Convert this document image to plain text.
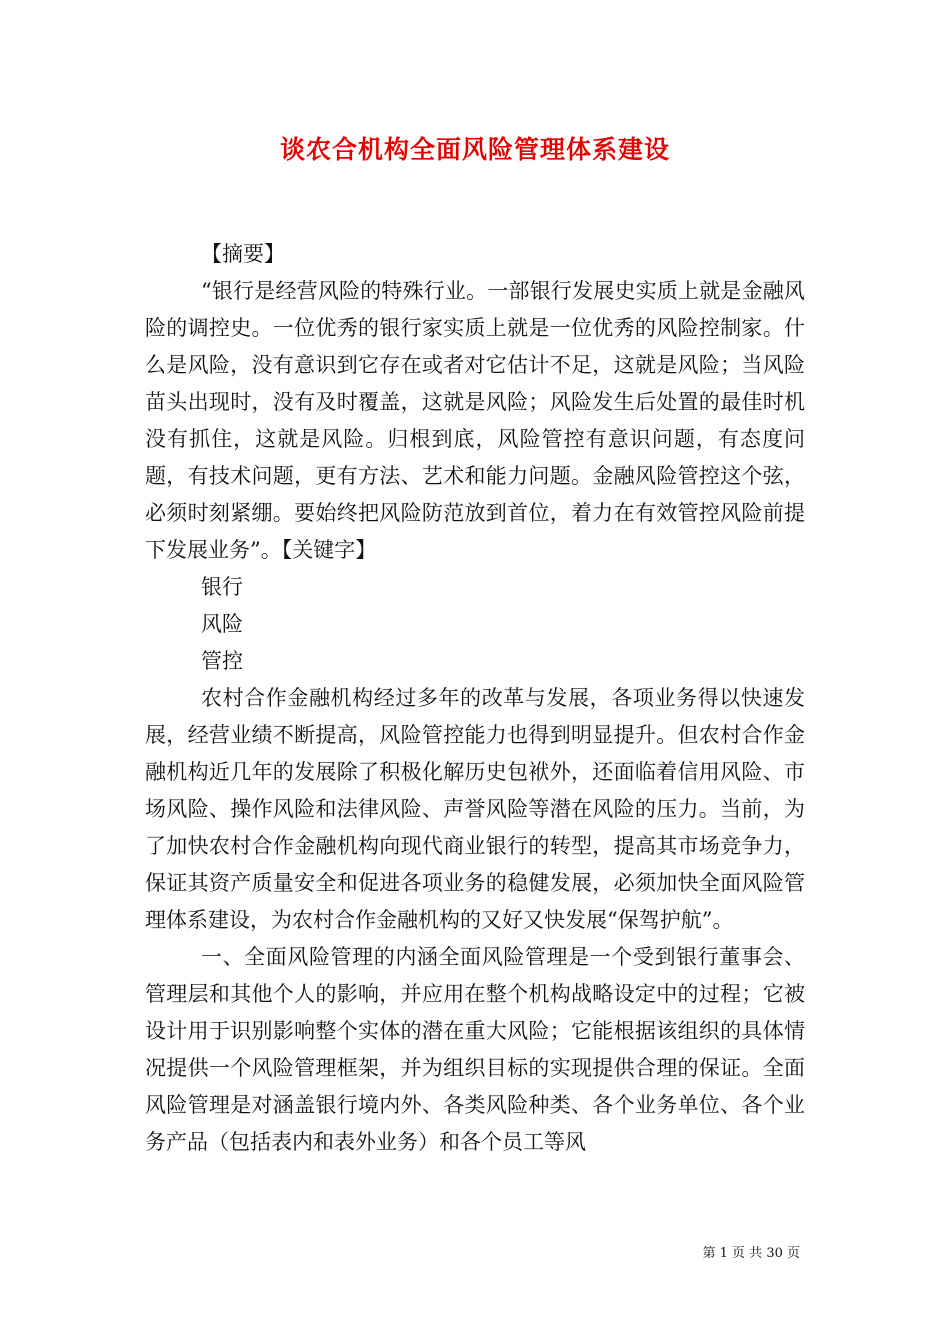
谈农合机构全面风险管理体系建设

【摘要】

“银行是经营风险的特殊行业。一部银行发展史实质上就是金融风险的调控史。一位优秀的银行家实质上就是一位优秀的风险控制家。什么是风险，没有意识到它存在或者对它估计不足，这就是风险；当风险苗头出现时，没有及时覆盖，这就是风险；风险发生后处置的最佳时机没有抓住，这就是风险。归根到底，风险管控有意识问题，有态度问题，有技术问题，更有方法、艺术和能力问题。金融风险管控这个弦，必须时刻紧绷。要始终把风险防范放到首位，着力在有效管控风险前提下发展业务”。【关键字】

银行

风险

管控

农村合作金融机构经过多年的改革与发展，各项业务得以快速发展，经营业绩不断提高，风险管控能力也得到明显提升。但农村合作金融机构近几年的发展除了积极化解历史包袱外，还面临着信用风险、市场风险、操作风险和法律风险、声誉风险等潜在风险的压力。当前，为了加快农村合作金融机构向现代商业银行的转型，提高其市场竞争力，保证其资产质量安全和促进各项业务的稳健发展，必须加快全面风险管理体系建设，为农村合作金融机构的又好又快发展“保驾护航”。

一、全面风险管理的内涵全面风险管理是一个受到银行董事会、管理层和其他个人的影响，并应用在整个机构战略设定中的过程；它被设计用于识别影响整个实体的潜在重大风险；它能根据该组织的具体情况提供一个风险管理框架，并为组织目标的实现提供合理的保证。全面风险管理是对涵盖银行境内外、各类风险种类、各个业务单位、各个业务产品（包括表内和表外业务）和各个员工等风

第 1 页 共 30 页
